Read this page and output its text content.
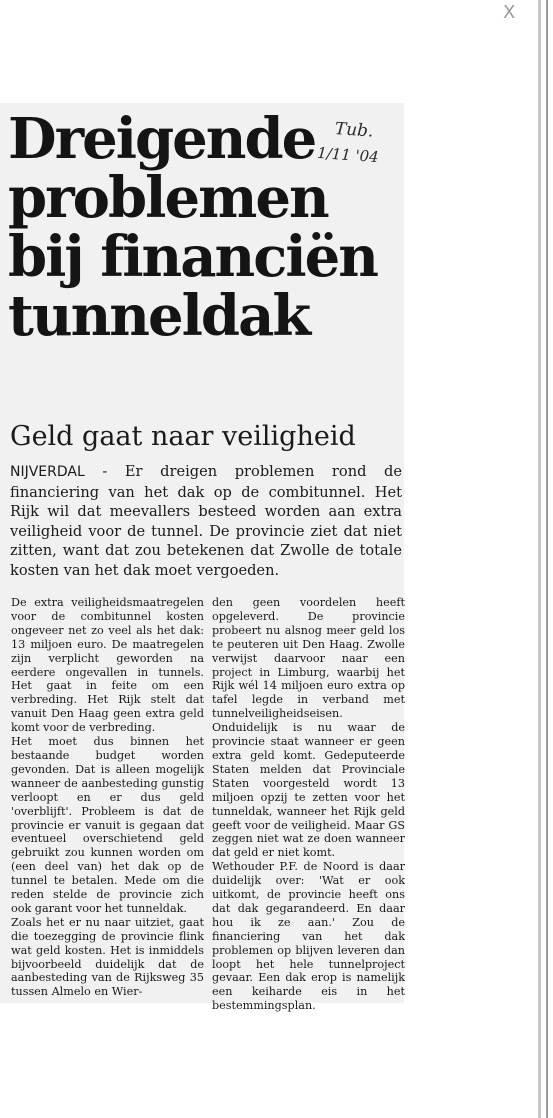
X
Dreigende
problemen
bij financiën
tunneldak
Tub.
1/11 '04
Geld gaat naar veiligheid

NIJVERDAL - Er dreigen problemen rond de financiering van het dak op de combitunnel. Het Rijk wil dat meevallers besteed worden aan extra veiligheid voor de tunnel. De provincie ziet dat niet zitten, want dat zou betekenen dat Zwolle de totale kosten van het dak moet vergoeden.

De extra veiligheidsmaatregelen voor de combitunnel kosten ongeveer net zo veel als het dak: 13 miljoen euro. De maatregelen zijn verplicht geworden na eerdere ongevallen in tunnels. Het gaat in feite om een verbreding. Het Rijk stelt dat vanuit Den Haag geen extra geld komt voor de verbreding.

Het moet dus binnen het bestaande budget worden gevonden. Dat is alleen mogelijk wanneer de aanbesteding gunstig verloopt en er dus geld 'overblijft'. Probleem is dat de provincie er vanuit is gegaan dat eventueel overschietend geld gebruikt zou kunnen worden om (een deel van) het dak op de tunnel te betalen. Mede om die reden stelde de provincie zich ook garant voor het tunneldak.

Zoals het er nu naar uitziet, gaat die toezegging de provincie flink wat geld kosten. Het is inmiddels bijvoorbeeld duidelijk dat de aanbesteding van de Rijksweg 35 tussen Almelo en Wier-

den geen voordelen heeft opgeleverd. De provincie probeert nu alsnog meer geld los te peuteren uit Den Haag. Zwolle verwijst daarvoor naar een project in Limburg, waarbij het Rijk wél 14 miljoen euro extra op tafel legde in verband met tunnelveiligheidseisen. Onduidelijk is nu waar de provincie staat wanneer er geen extra geld komt. Gedeputeerde Staten melden dat Provinciale Staten voorgesteld wordt 13 miljoen opzij te zetten voor het tunneldak, wanneer het Rijk geld geeft voor de veiligheid. Maar GS zeggen niet wat ze doen wanneer dat geld er niet komt.

Wethouder P.F. de Noord is daar duidelijk over: 'Wat er ook uitkomt, de provincie heeft ons dat dak gegarandeerd. En daar hou ik ze aan.' Zou de financiering van het dak problemen op blijven leveren dan loopt het hele tunnelproject gevaar. Een dak erop is namelijk een keiharde eis in het bestemmingsplan.
